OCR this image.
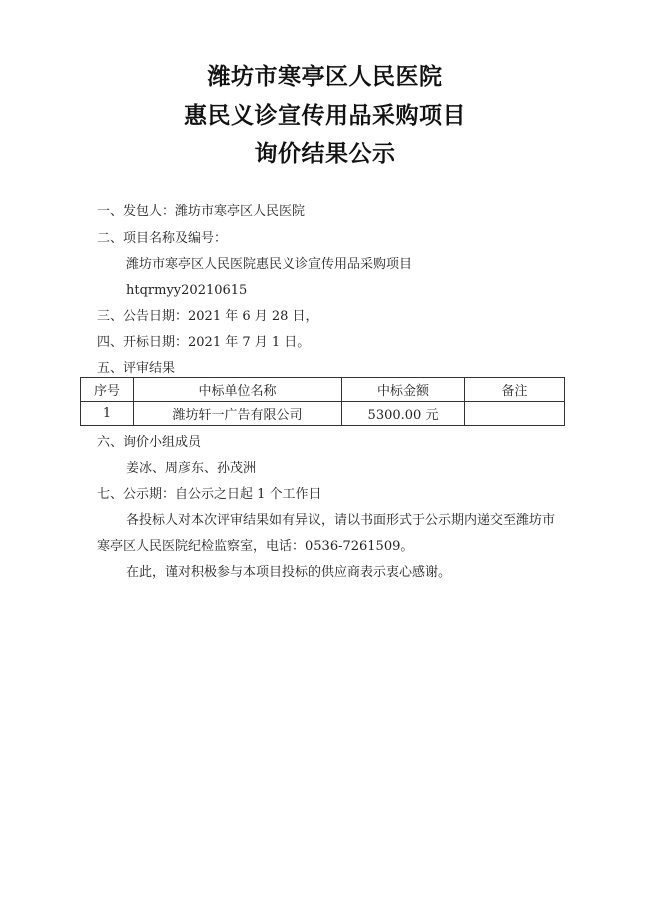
潍坊市寒亭区人民医院
惠民义诊宣传用品采购项目
询价结果公示
一、发包人：潍坊市寒亭区人民医院
二、项目名称及编号：
潍坊市寒亭区人民医院惠民义诊宣传用品采购项目
htqrmyy20210615
三、公告日期：2021 年 6 月 28 日，
四、开标日期：2021 年 7 月 1 日。
五、评审结果
序号	中标单位名称	中标金额	备注
1	潍坊轩一广告有限公司	5300.00 元	
六、询价小组成员
姜冰、周彦东、孙茂洲
七、公示期：自公示之日起 1 个工作日
各投标人对本次评审结果如有异议，请以书面形式于公示期内递交至潍坊市
寒亭区人民医院纪检监察室，电话：0536-7261509。
在此，谨对积极参与本项目投标的供应商表示衷心感谢。
